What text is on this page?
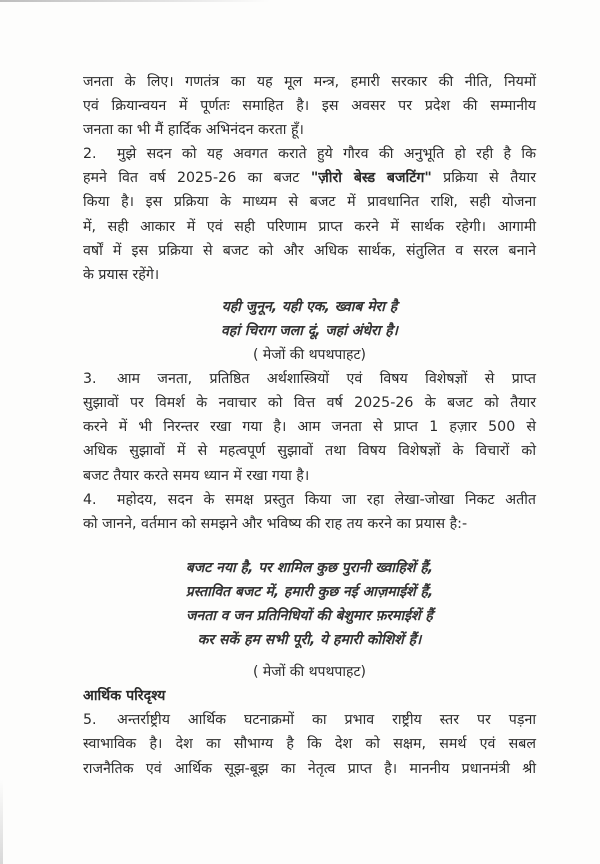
जनता के लिए। गणतंत्र का यह मूल मन्त्र, हमारी सरकार की नीति, नियमों
एवं क्रियान्वयन में पूर्णतः समाहित है। इस अवसर पर प्रदेश की सम्मानीय
जनता का भी मैं हार्दिक अभिनंदन करता हूँ।

2. मुझे सदन को यह अवगत कराते हुये गौरव की अनुभूति हो रही है कि
हमने वित वर्ष 2025-26 का बजट "ज़ीरो बेस्ड बजटिंग" प्रक्रिया से तैयार
किया है। इस प्रक्रिया के माध्यम से बजट में प्रावधानित राशि, सही योजना
में, सही आकार में एवं सही परिणाम प्राप्त करने में सार्थक रहेगी। आगामी
वर्षों में इस प्रक्रिया से बजट को और अधिक सार्थक, संतुलित व सरल बनाने
के प्रयास रहेंगे।

यही जुनून, यही एक, ख्वाब मेरा है
वहां चिराग जला दूं, जहां अंधेरा है।

( मेजों की थपथपाहट)

3. आम जनता, प्रतिष्ठित अर्थशास्त्रियों एवं विषय विशेषज्ञों से प्राप्त
सुझावों पर विमर्श के नवाचार को वित्त वर्ष 2025-26 के बजट को तैयार
करने में भी निरन्तर रखा गया है। आम जनता से प्राप्त 1 हज़ार 500 से
अधिक सुझावों में से महत्वपूर्ण सुझावों तथा विषय विशेषज्ञों के विचारों को
बजट तैयार करते समय ध्यान में रखा गया है।

4. महोदय, सदन के समक्ष प्रस्तुत किया जा रहा लेखा-जोखा निकट अतीत
को जानने, वर्तमान को समझने और भविष्य की राह तय करने का प्रयास है:-

बजट नया है, पर शामिल कुछ पुरानी ख्वाहिशें हैं,
प्रस्तावित बजट में, हमारी कुछ नई आज़माईशें हैं,
जनता व जन प्रतिनिधियों की बेशुमार फ़रमाईशें हैं
कर सकें हम सभी पूरी, ये हमारी कोशिशें हैं।

( मेजों की थपथपाहट)

आर्थिक परिदृश्य

5. अन्तर्राष्ट्रीय आर्थिक घटनाक्रमों का प्रभाव राष्ट्रीय स्तर पर पड़ना
स्वाभाविक है। देश का सौभाग्य है कि देश को सक्षम, समर्थ एवं सबल
राजनैतिक एवं आर्थिक सूझ-बूझ का नेतृत्व प्राप्त है। माननीय प्रधानमंत्री श्री
